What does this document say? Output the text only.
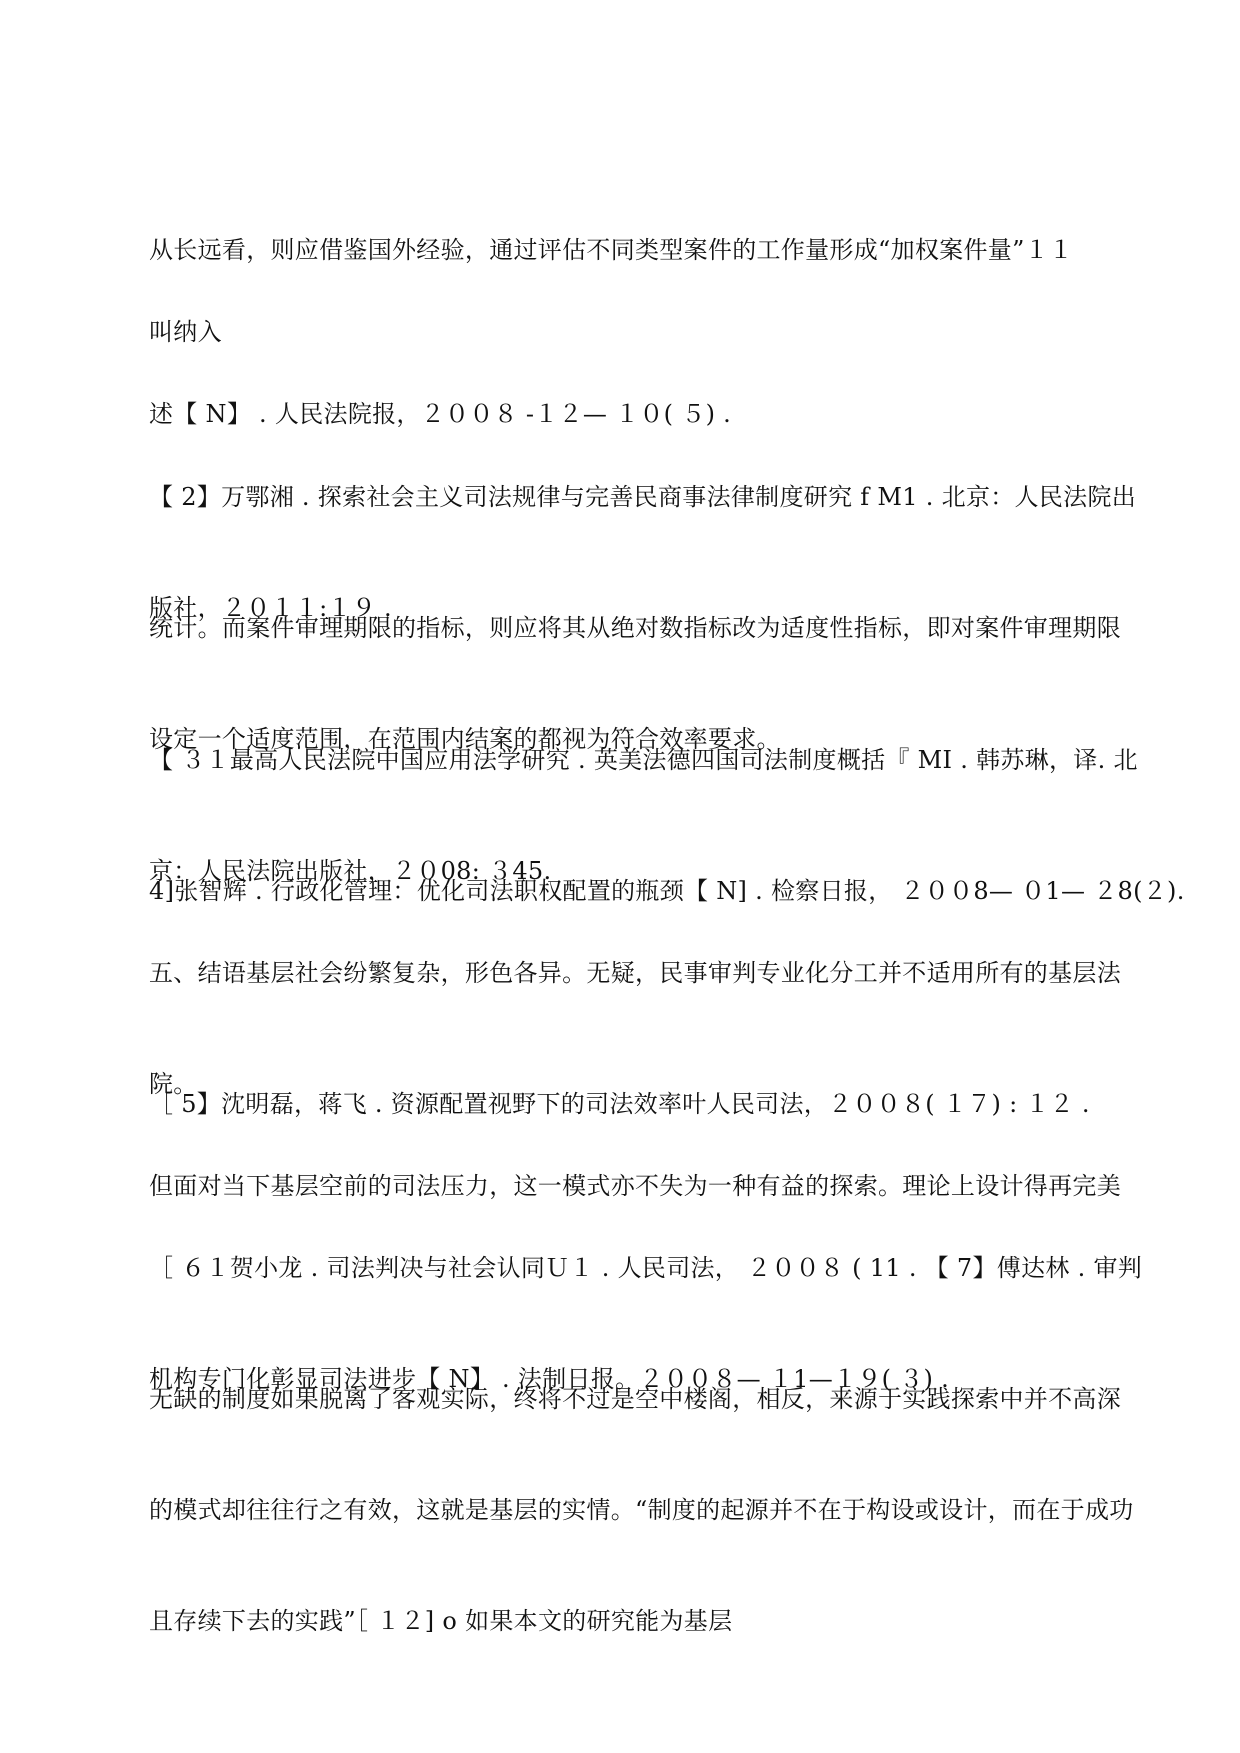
从长远看，则应借鉴国外经验，通过评估不同类型案件的工作量形成“加权案件量”１１

叫纳入

述【 N】 . 人民法院报，２００８ -１２— １０( ５) .

【 2】万鄂湘 . 探索社会主义司法规律与完善民商事法律制度研究 f M1 . 北京：人民法院出

版社，２０１１:１９ .

统计。而案件审理期限的指标，则应将其从绝对数指标改为适度性指标，即对案件审理期限

设定一个适度范围，在范围内结案的都视为符合效率要求。

【 ３１最高人民法院中国应用法学研究 . 英美法德四国司法制度概括『 MI . 韩苏琳，译. 北

京：人民法院出版社，２０08: ３45.

4]张智辉 . 行政化管理：优化司法职权配置的瓶颈【 N] . 检察日报， ２００8— ０1— ２8(２).

五、结语基层社会纷繁复杂，形色各异。无疑，民事审判专业化分工并不适用所有的基层法

院。

［ 5】沈明磊，蒋飞 . 资源配置视野下的司法效率叶人民司法，２００８( １７) : １２ .

但面对当下基层空前的司法压力，这一模式亦不失为一种有益的探索。理论上设计得再完美

［ ６１贺小龙 . 司法判决与社会认同Ｕ１ . 人民司法， ２００８ ( 11 . 【 7】傅达林 . 审判

机构专门化彰显司法进步【 N】 . 法制日报。２００８— １1—１９( ３) .

无缺的制度如果脱离了客观实际，终将不过是空中楼阁，相反，来源于实践探索中并不高深

的模式却往往行之有效，这就是基层的实情。“制度的起源并不在于构设或设计，而在于成功

且存续下去的实践”［ １２] o 如果本文的研究能为基层
